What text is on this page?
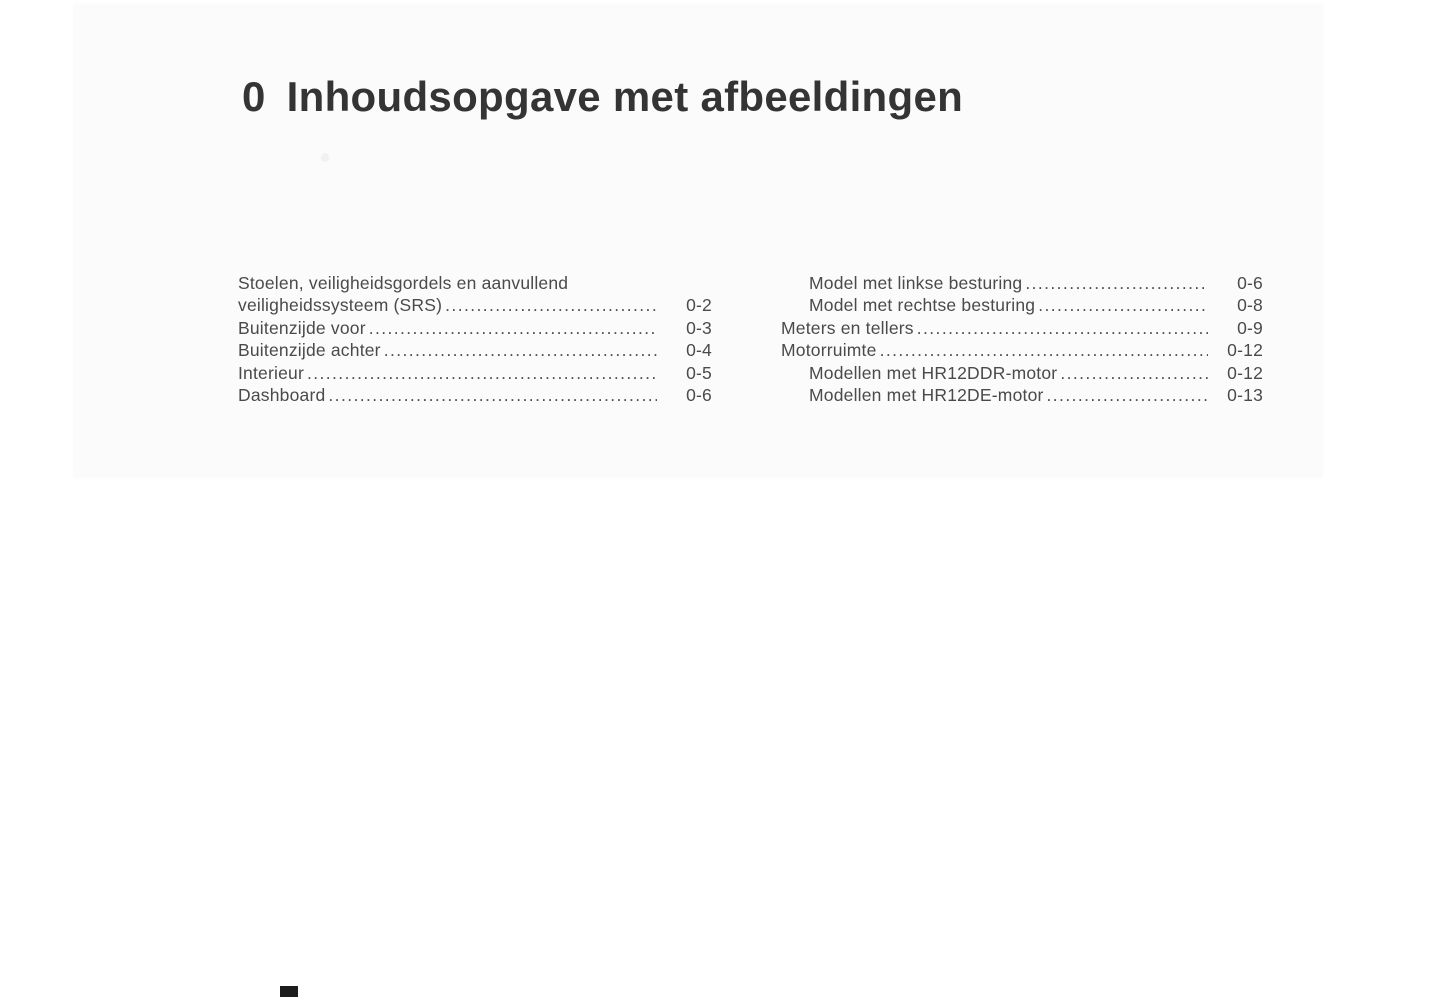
0 Inhoudsopgave met afbeeldingen
Stoelen, veiligheidsgordels en aanvullend
veiligheidssysteem (SRS) .....	0-2
Buitenzijde voor .....	0-3
Buitenzijde achter .....	0-4
Interieur .....	0-5
Dashboard .....	0-6
Model met linkse besturing .....	0-6
Model met rechtse besturing .....	0-8
Meters en tellers .....	0-9
Motorruimte .....	0-12
Modellen met HR12DDR-motor .....	0-12
Modellen met HR12DE-motor .....	0-13
